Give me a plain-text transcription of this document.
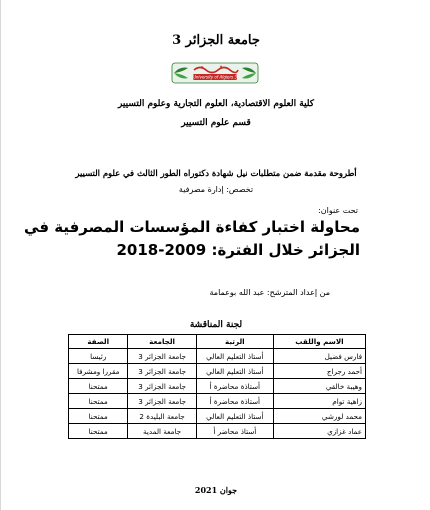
جامعة الجزائر 3
University of Algiers 3
كلية العلوم الاقتصادية، العلوم التجارية وعلوم التسيير
قسم علوم التسيير
أطروحة مقدمة ضمن متطلبات نيل شهادة دكتوراه الطور الثالث في علوم التسيير
تخصص: إدارة مصرفية
تحت عنوان:
محاولة اختبار كفاءة المؤسسات المصرفية في
الجزائر خلال الفترة: 2009-2018
من إعداد المترشح: عبد الله بوعمامة
لجنة المناقشة
الاسم واللقب	الرتبة	الجامعة	الصفة
فارس فضيل	أستاذ التعليم العالي	جامعة الجزائر 3	رئيسا
أحمد رجراج	أستاذ التعليم العالي	جامعة الجزائر 3	مقررا ومشرفا
وهيبة خالقي	أستاذة محاضرة أ	جامعة الجزائر 3	ممتحنا
زاهية توام	أستاذة محاضرة أ	جامعة الجزائر 3	ممتحنا
محمد لورشي	أستاذ التعليم العالي	جامعة البليدة 2	ممتحنا
عماد غزازي	أستاذ محاضر أ	جامعة المدية	ممتحنا
جوان 2021
